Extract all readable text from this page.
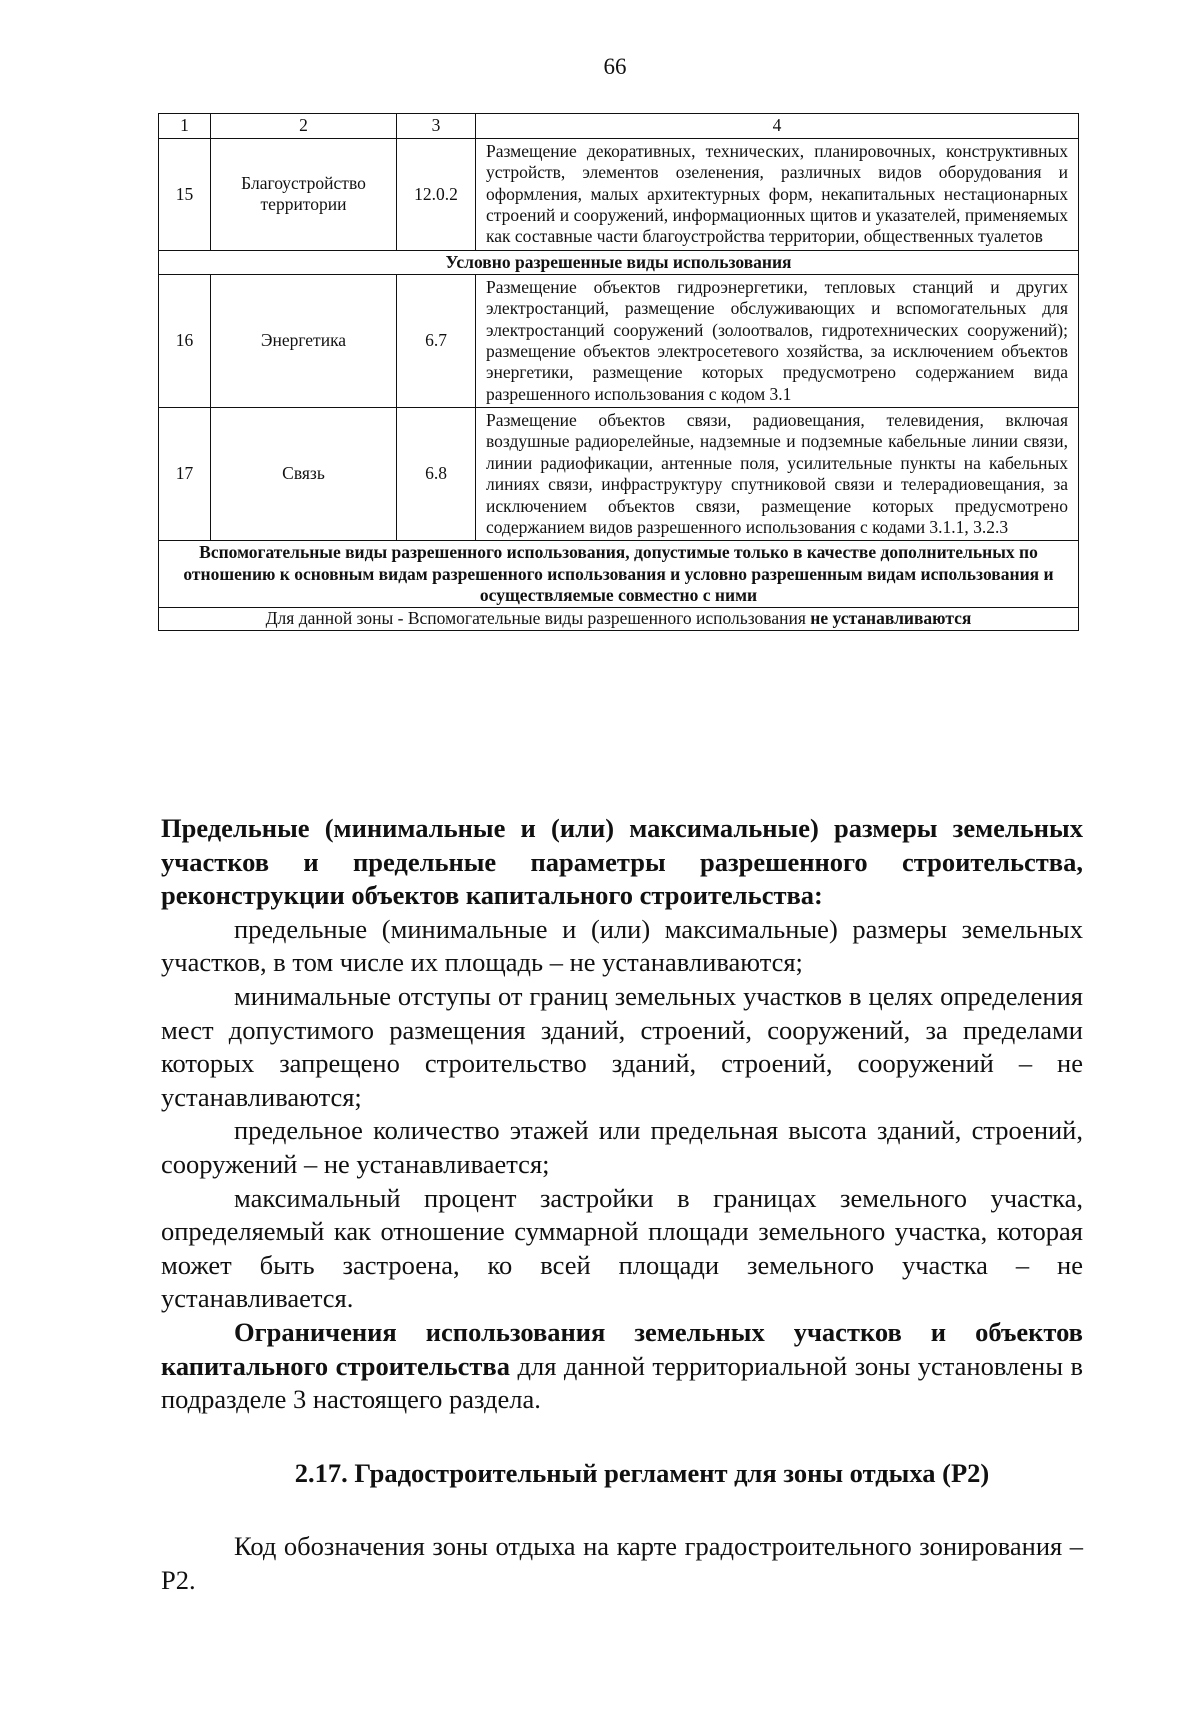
66
1	2	3	4
15	Благоустройство территории	12.0.2	Размещение декоративных, технических, планировочных, конструктивных устройств, элементов озеленения, различных видов оборудования и оформления, малых архитектурных форм, некапитальных нестационарных строений и сооружений, информационных щитов и указателей, применяемых как составные части благоустройства территории, общественных туалетов
Условно разрешенные виды использования			
16	Энергетика	6.7	Размещение объектов гидроэнергетики, тепловых станций и других электростанций, размещение обслуживающих и вспомогательных для электростанций сооружений (золоотвалов, гидротехнических сооружений); размещение объектов электросетевого хозяйства, за исключением объектов энергетики, размещение которых предусмотрено содержанием вида разрешенного использования с кодом 3.1
17	Связь	6.8	Размещение объектов связи, радиовещания, телевидения, включая воздушные радиорелейные, надземные и подземные кабельные линии связи, линии радиофикации, антенные поля, усилительные пункты на кабельных линиях связи, инфраструктуру спутниковой связи и телерадиовещания, за исключением объектов связи, размещение которых предусмотрено содержанием видов разрешенного использования с кодами 3.1.1, 3.2.3
Вспомогательные виды разрешенного использования, допустимые только в качестве дополнительных по отношению к основным видам разрешенного использования и условно разрешенным видам использования и осуществляемые совместно с ними			
Для данной зоны - Вспомогательные виды разрешенного использования не устанавливаются			

Предельные (минимальные и (или) максимальные) размеры земельных участков и предельные параметры разрешенного строительства, реконструкции объектов капитального строительства:

предельные (минимальные и (или) максимальные) размеры земельных участков, в том числе их площадь – не устанавливаются;

минимальные отступы от границ земельных участков в целях определения мест допустимого размещения зданий, строений, сооружений, за пределами которых запрещено строительство зданий, строений, сооружений – не устанавливаются;

предельное количество этажей или предельная высота зданий, строений, сооружений – не устанавливается;

максимальный процент застройки в границах земельного участка, определяемый как отношение суммарной площади земельного участка, которая может быть застроена, ко всей площади земельного участка – не устанавливается.

Ограничения использования земельных участков и объектов капитального строительства для данной территориальной зоны установлены в подразделе 3 настоящего раздела.

2.17. Градостроительный регламент для зоны отдыха (Р2)

Код обозначения зоны отдыха на карте градостроительного зонирования – Р2.
